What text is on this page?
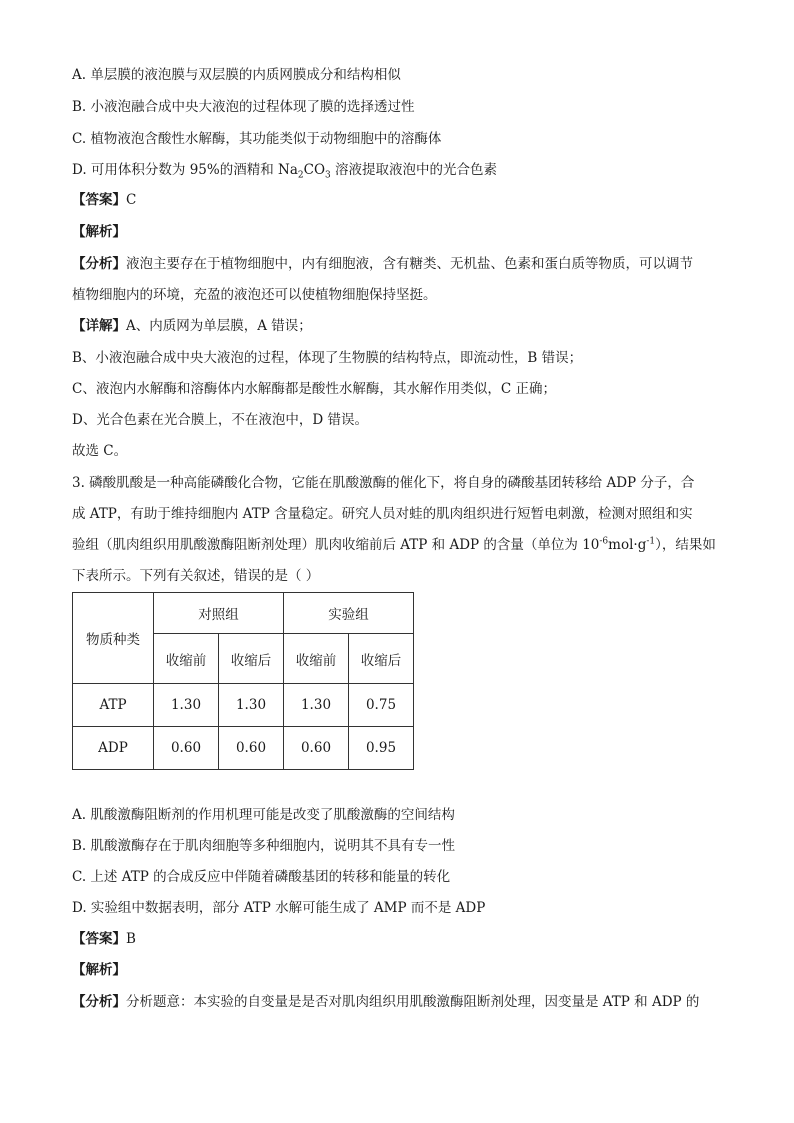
A. 单层膜的液泡膜与双层膜的内质网膜成分和结构相似
B. 小液泡融合成中央大液泡的过程体现了膜的选择透过性
C. 植物液泡含酸性水解酶，其功能类似于动物细胞中的溶酶体
D. 可用体积分数为 95%的酒精和 $Na_2CO_3$ 溶液提取液泡中的光合色素
【答案】C
【解析】
【分析】液泡主要存在于植物细胞中，内有细胞液，含有糖类、无机盐、色素和蛋白质等物质，可以调节
植物细胞内的环境，充盈的液泡还可以使植物细胞保持坚挺。
【详解】A、内质网为单层膜，A 错误；
B、小液泡融合成中央大液泡的过程，体现了生物膜的结构特点，即流动性，B 错误；
C、液泡内水解酶和溶酶体内水解酶都是酸性水解酶，其水解作用类似，C 正确；
D、光合色素在光合膜上，不在液泡中，D 错误。
故选 C。
3. 磷酸肌酸是一种高能磷酸化合物，它能在肌酸激酶的催化下，将自身的磷酸基团转移给 ADP 分子，合
成 ATP，有助于维持细胞内 ATP 含量稳定。研究人员对蛙的肌肉组织进行短暂电刺激，检测对照组和实
验组（肌肉组织用肌酸激酶阻断剂处理）肌肉收缩前后 ATP 和 ADP 的含量（单位为 $10^{-6}mol\cdot g^{-1}$），结果如
下表所示。下列有关叙述，错误的是（ ）
物质种类	对照组		实验组	
	收缩前	收缩后	收缩前	收缩后
ATP	1.30	1.30	1.30	0.75
ADP	0.60	0.60	0.60	0.95
A. 肌酸激酶阻断剂的作用机理可能是改变了肌酸激酶的空间结构
B. 肌酸激酶存在于肌肉细胞等多种细胞内，说明其不具有专一性
C. 上述 ATP 的合成反应中伴随着磷酸基团的转移和能量的转化
D. 实验组中数据表明，部分 ATP 水解可能生成了 AMP 而不是 ADP
【答案】B
【解析】
【分析】分析题意：本实验的自变量是是否对肌肉组织用肌酸激酶阻断剂处理，因变量是 ATP 和 ADP 的
